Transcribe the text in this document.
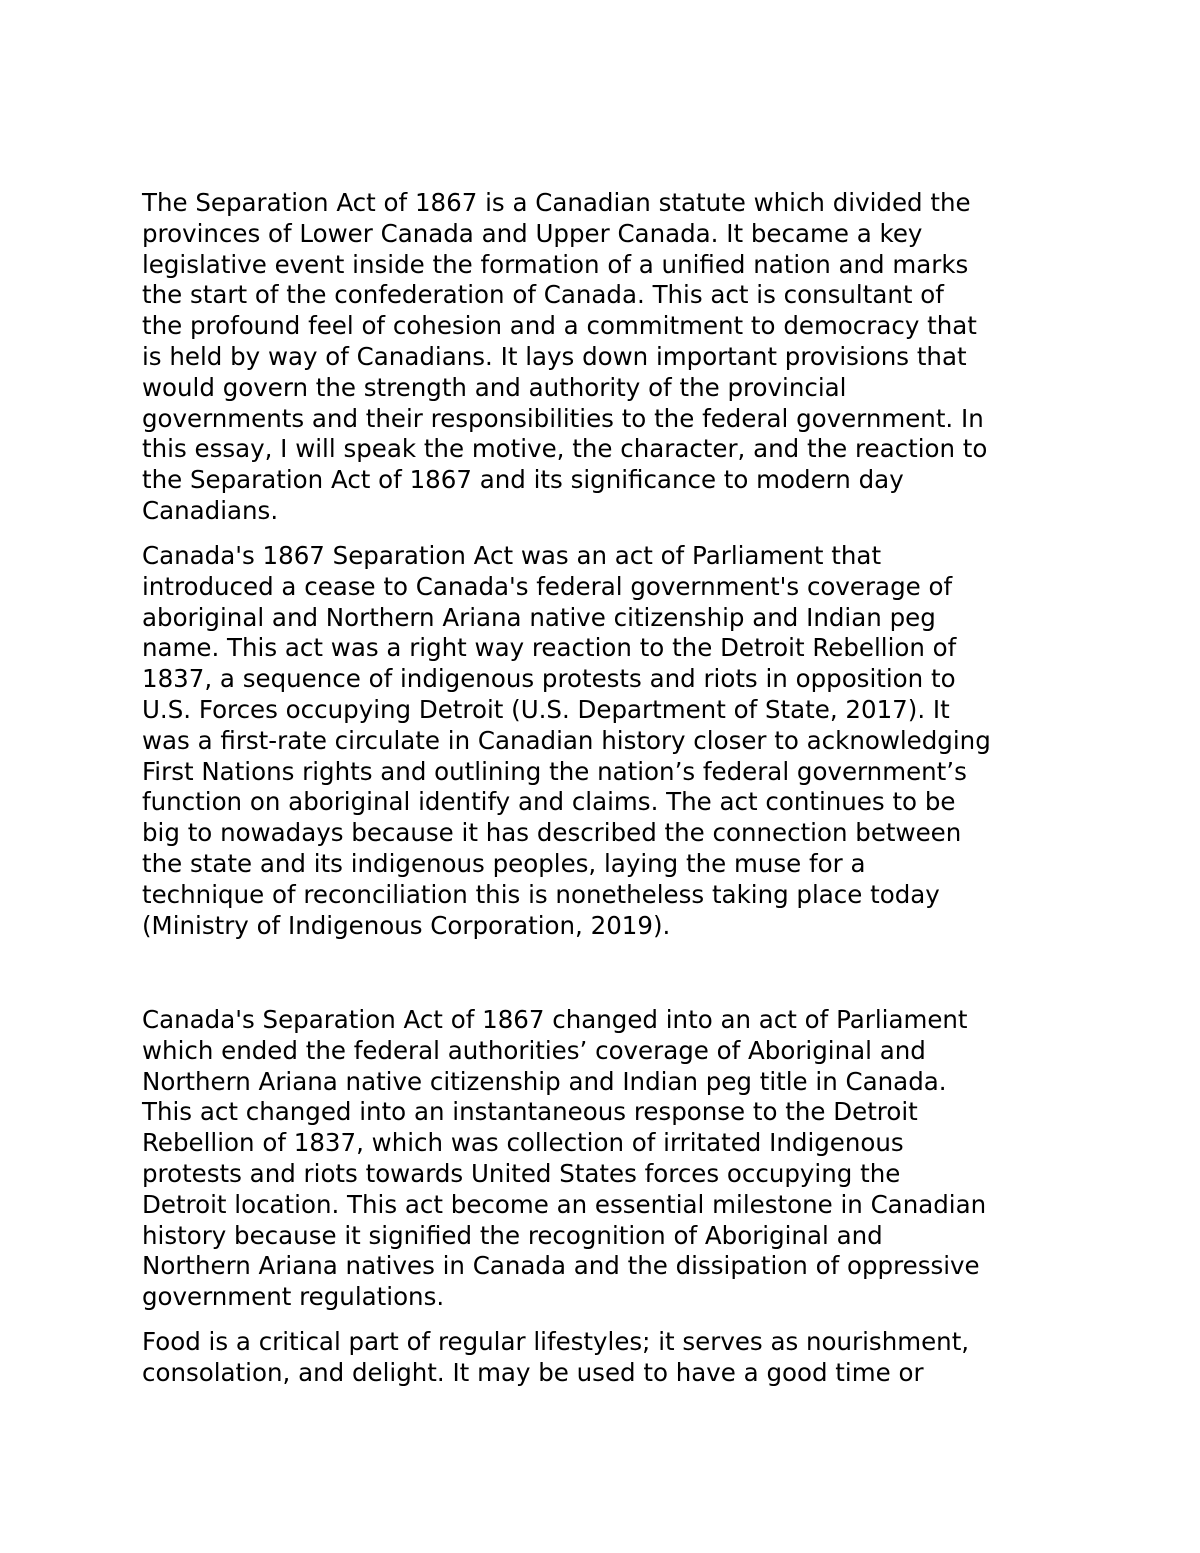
The Separation Act of 1867 is a Canadian statute which divided the
provinces of Lower Canada and Upper Canada. It became a key
legislative event inside the formation of a unified nation and marks
the start of the confederation of Canada. This act is consultant of
the profound feel of cohesion and a commitment to democracy that
is held by way of Canadians. It lays down important provisions that
would govern the strength and authority of the provincial
governments and their responsibilities to the federal government. In
this essay, I will speak the motive, the character, and the reaction to
the Separation Act of 1867 and its significance to modern day
Canadians.

Canada's 1867 Separation Act was an act of Parliament that
introduced a cease to Canada's federal government's coverage of
aboriginal and Northern Ariana native citizenship and Indian peg
name. This act was a right way reaction to the Detroit Rebellion of
1837, a sequence of indigenous protests and riots in opposition to
U.S. Forces occupying Detroit (U.S. Department of State, 2017). It
was a first-rate circulate in Canadian history closer to acknowledging
First Nations rights and outlining the nation’s federal government’s
function on aboriginal identify and claims. The act continues to be
big to nowadays because it has described the connection between
the state and its indigenous peoples, laying the muse for a
technique of reconciliation this is nonetheless taking place today
(Ministry of Indigenous Corporation, 2019).

Canada's Separation Act of 1867 changed into an act of Parliament
which ended the federal authorities’ coverage of Aboriginal and
Northern Ariana native citizenship and Indian peg title in Canada.
This act changed into an instantaneous response to the Detroit
Rebellion of 1837, which was collection of irritated Indigenous
protests and riots towards United States forces occupying the
Detroit location. This act become an essential milestone in Canadian
history because it signified the recognition of Aboriginal and
Northern Ariana natives in Canada and the dissipation of oppressive
government regulations.

Food is a critical part of regular lifestyles; it serves as nourishment,
consolation, and delight. It may be used to have a good time or
